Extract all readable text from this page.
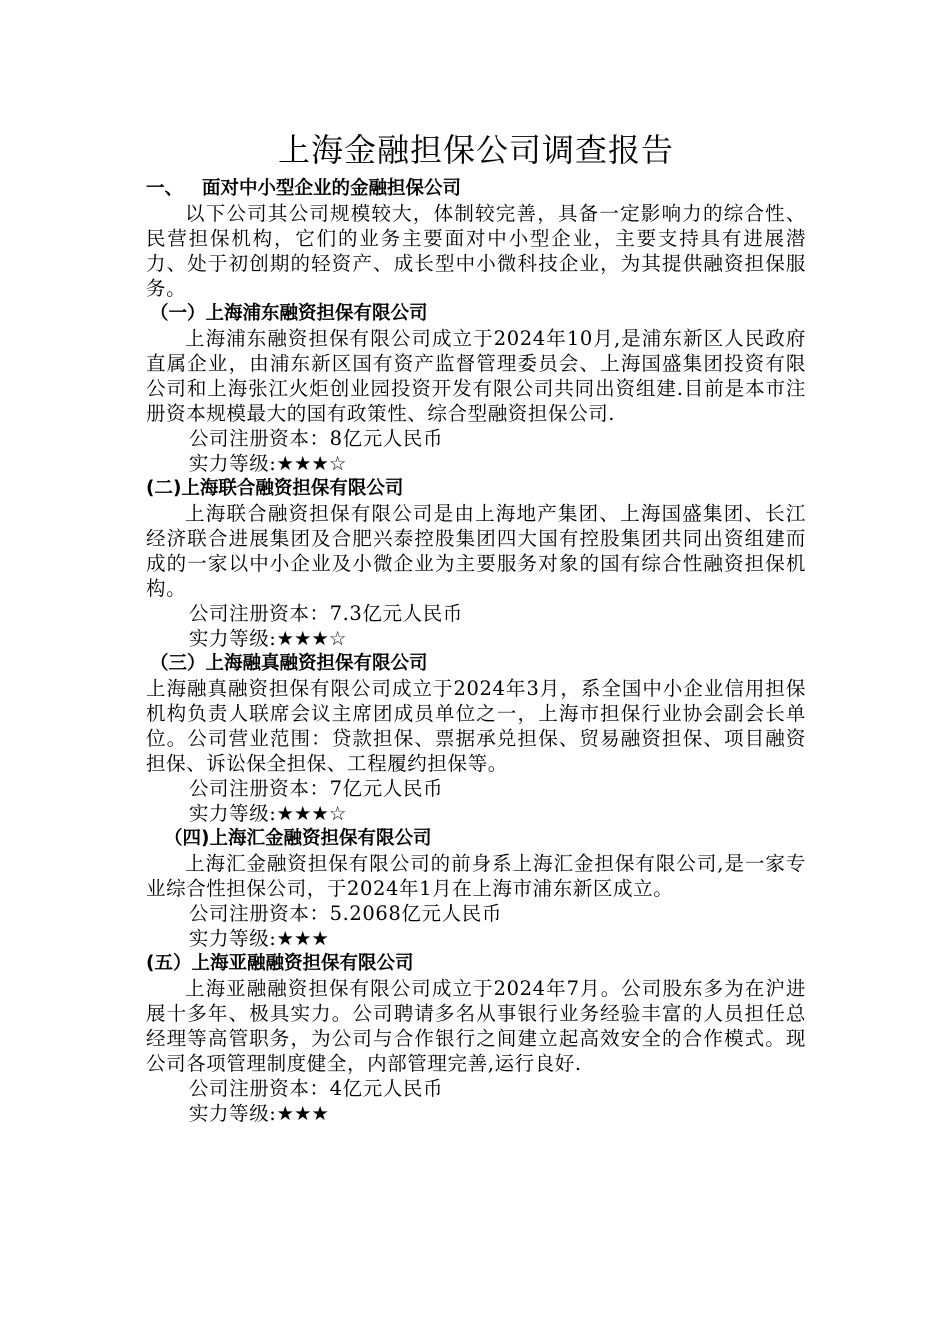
上海金融担保公司调查报告
一、 面对中小型企业的金融担保公司

以下公司其公司规模较大，体制较完善，具备一定影响力的综合性、民营担保机构，它们的业务主要面对中小型企业，主要支持具有进展潜力、处于初创期的轻资产、成长型中小微科技企业，为其提供融资担保服务。

（一）上海浦东融资担保有限公司

上海浦东融资担保有限公司成立于2024年10月,是浦东新区人民政府直属企业，由浦东新区国有资产监督管理委员会、上海国盛集团投资有限公司和上海张江火炬创业园投资开发有限公司共同出资组建.目前是本市注册资本规模最大的国有政策性、综合型融资担保公司.

公司注册资本：8亿元人民币
实力等级:★★★☆
(二)上海联合融资担保有限公司

上海联合融资担保有限公司是由上海地产集团、上海国盛集团、长江经济联合进展集团及合肥兴泰控股集团四大国有控股集团共同出资组建而成的一家以中小企业及小微企业为主要服务对象的国有综合性融资担保机构。

公司注册资本：7.3亿元人民币
实力等级:★★★☆
（三）上海融真融资担保有限公司

上海融真融资担保有限公司成立于2024年3月，系全国中小企业信用担保机构负责人联席会议主席团成员单位之一，上海市担保行业协会副会长单位。公司营业范围：贷款担保、票据承兑担保、贸易融资担保、项目融资担保、诉讼保全担保、工程履约担保等。

公司注册资本：7亿元人民币
实力等级:★★★☆
（四)上海汇金融资担保有限公司

上海汇金融资担保有限公司的前身系上海汇金担保有限公司,是一家专业综合性担保公司，于2024年1月在上海市浦东新区成立。

公司注册资本：5.2068亿元人民币
实力等级:★★★
(五）上海亚融融资担保有限公司

上海亚融融资担保有限公司成立于2024年7月。公司股东多为在沪进展十多年、极具实力。公司聘请多名从事银行业务经验丰富的人员担任总经理等高管职务，为公司与合作银行之间建立起高效安全的合作模式。现公司各项管理制度健全，内部管理完善,运行良好.

公司注册资本：4亿元人民币
实力等级:★★★
